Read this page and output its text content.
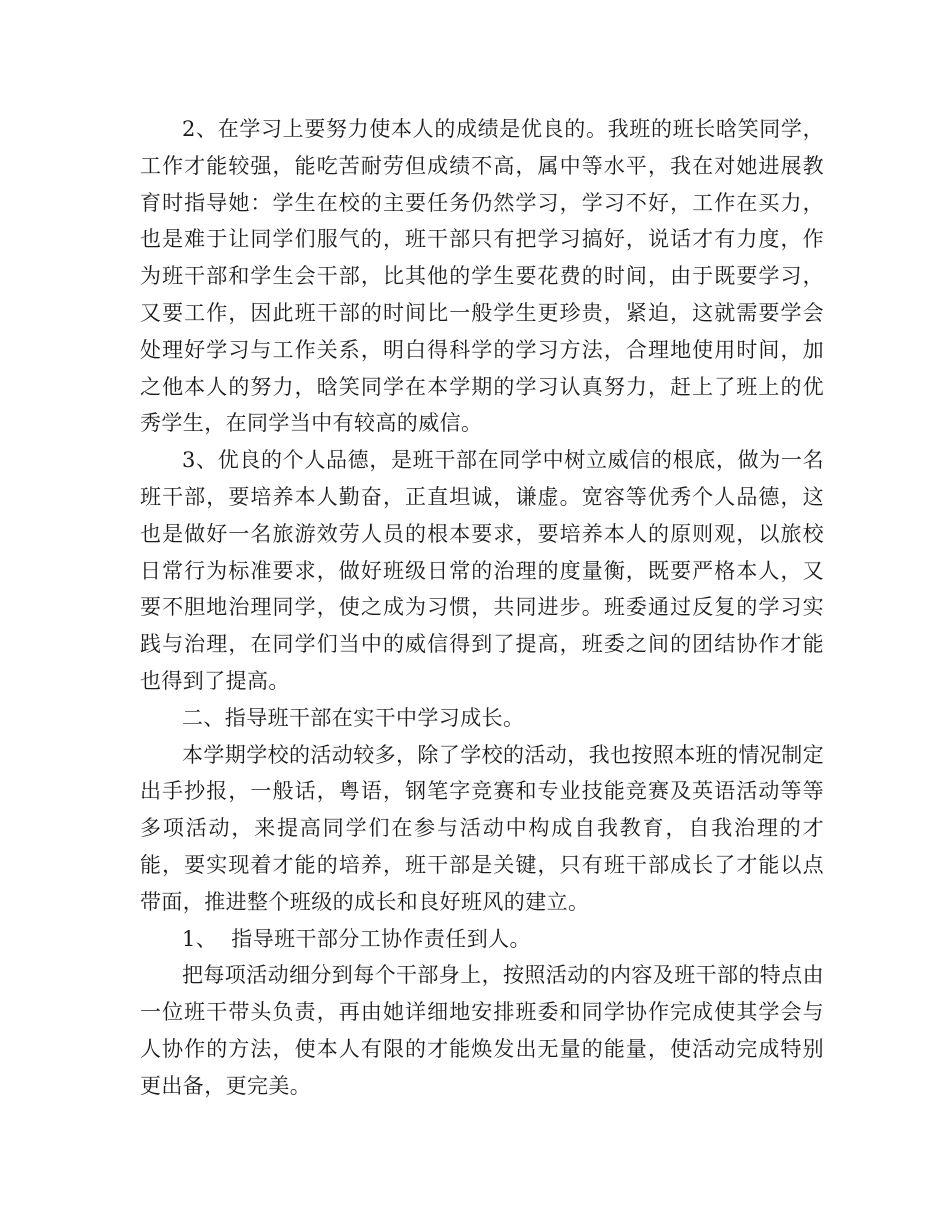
2、在学习上要努力使本人的成绩是优良的。我班的班长晗笑同学，工作才能较强，能吃苦耐劳但成绩不高，属中等水平，我在对她进展教育时指导她：学生在校的主要任务仍然学习，学习不好，工作在买力，也是难于让同学们服气的，班干部只有把学习搞好，说话才有力度，作为班干部和学生会干部，比其他的学生要花费的时间，由于既要学习，又要工作，因此班干部的时间比一般学生更珍贵，紧迫，这就需要学会处理好学习与工作关系，明白得科学的学习方法，合理地使用时间，加之他本人的努力，晗笑同学在本学期的学习认真努力，赶上了班上的优秀学生，在同学当中有较高的威信。

3、优良的个人品德，是班干部在同学中树立威信的根底，做为一名班干部，要培养本人勤奋，正直坦诚，谦虚。宽容等优秀个人品德，这也是做好一名旅游效劳人员的根本要求，要培养本人的原则观，以旅校日常行为标准要求，做好班级日常的治理的度量衡，既要严格本人，又要不胆地治理同学，使之成为习惯，共同进步。班委通过反复的学习实践与治理，在同学们当中的威信得到了提高，班委之间的团结协作才能也得到了提高。

二、指导班干部在实干中学习成长。

本学期学校的活动较多，除了学校的活动，我也按照本班的情况制定出手抄报，一般话，粤语，钢笔字竞赛和专业技能竞赛及英语活动等等多项活动，来提高同学们在参与活动中构成自我教育，自我治理的才能，要实现着才能的培养，班干部是关键，只有班干部成长了才能以点带面，推进整个班级的成长和良好班风的建立。

1、  指导班干部分工协作责任到人。

把每项活动细分到每个干部身上，按照活动的内容及班干部的特点由一位班干带头负责，再由她详细地安排班委和同学协作完成使其学会与人协作的方法，使本人有限的才能焕发出无量的能量，使活动完成特别更出备，更完美。
